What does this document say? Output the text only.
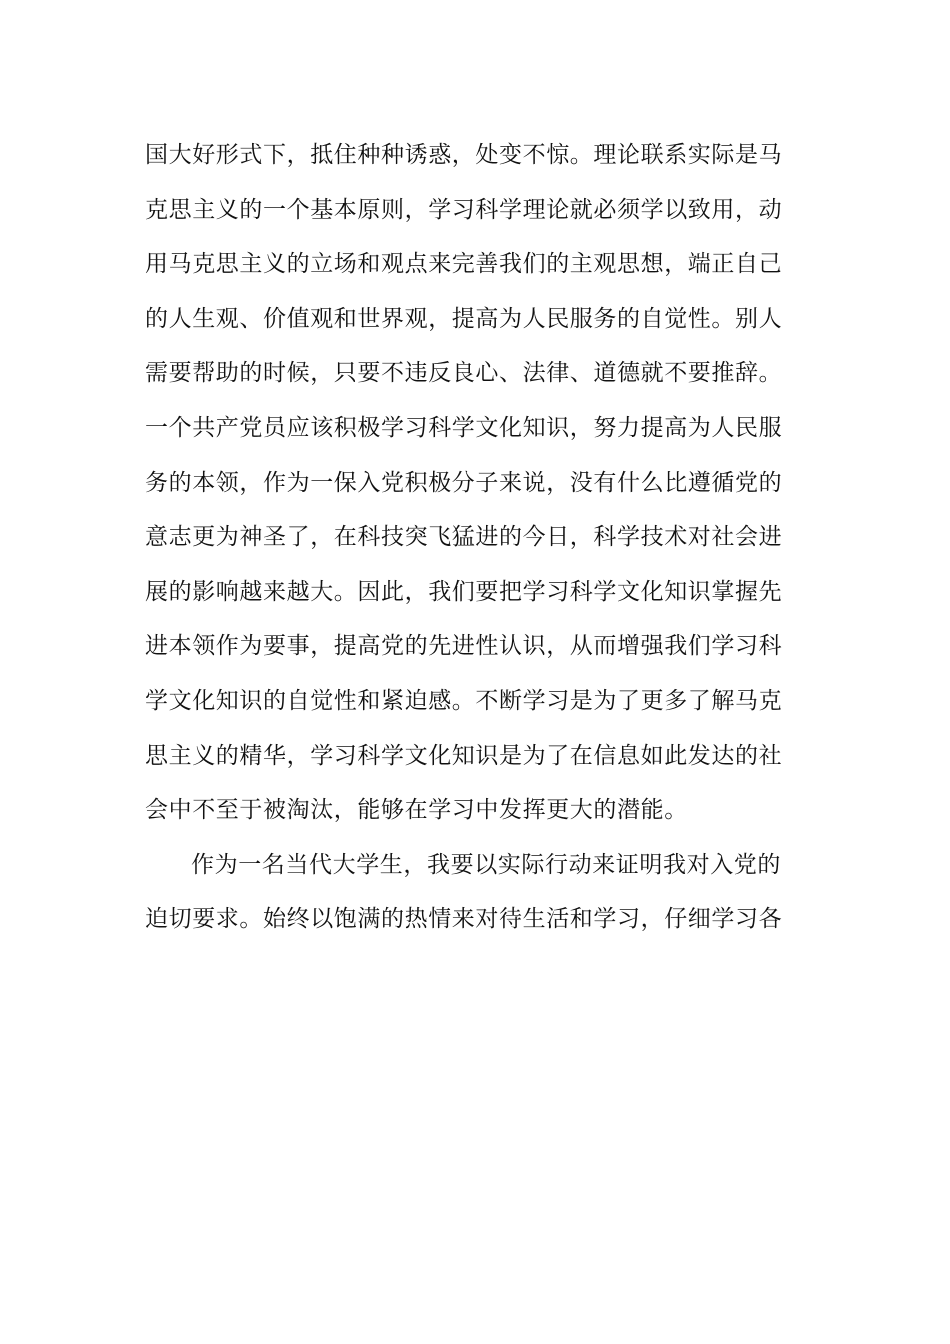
国大好形式下，抵住种种诱惑，处变不惊。理论联系实际是马
克思主义的一个基本原则，学习科学理论就必须学以致用，动
用马克思主义的立场和观点来完善我们的主观思想，端正自己
的人生观、价值观和世界观，提高为人民服务的自觉性。别人
需要帮助的时候，只要不违反良心、法律、道德就不要推辞。
一个共产党员应该积极学习科学文化知识，努力提高为人民服
务的本领，作为一保入党积极分子来说，没有什么比遵循党的
意志更为神圣了，在科技突飞猛进的今日，科学技术对社会进
展的影响越来越大。因此，我们要把学习科学文化知识掌握先
进本领作为要事，提高党的先进性认识，从而增强我们学习科
学文化知识的自觉性和紧迫感。不断学习是为了更多了解马克
思主义的精华，学习科学文化知识是为了在信息如此发达的社
会中不至于被淘汰，能够在学习中发挥更大的潜能。
作为一名当代大学生，我要以实际行动来证明我对入党的
迫切要求。始终以饱满的热情来对待生活和学习，仔细学习各
